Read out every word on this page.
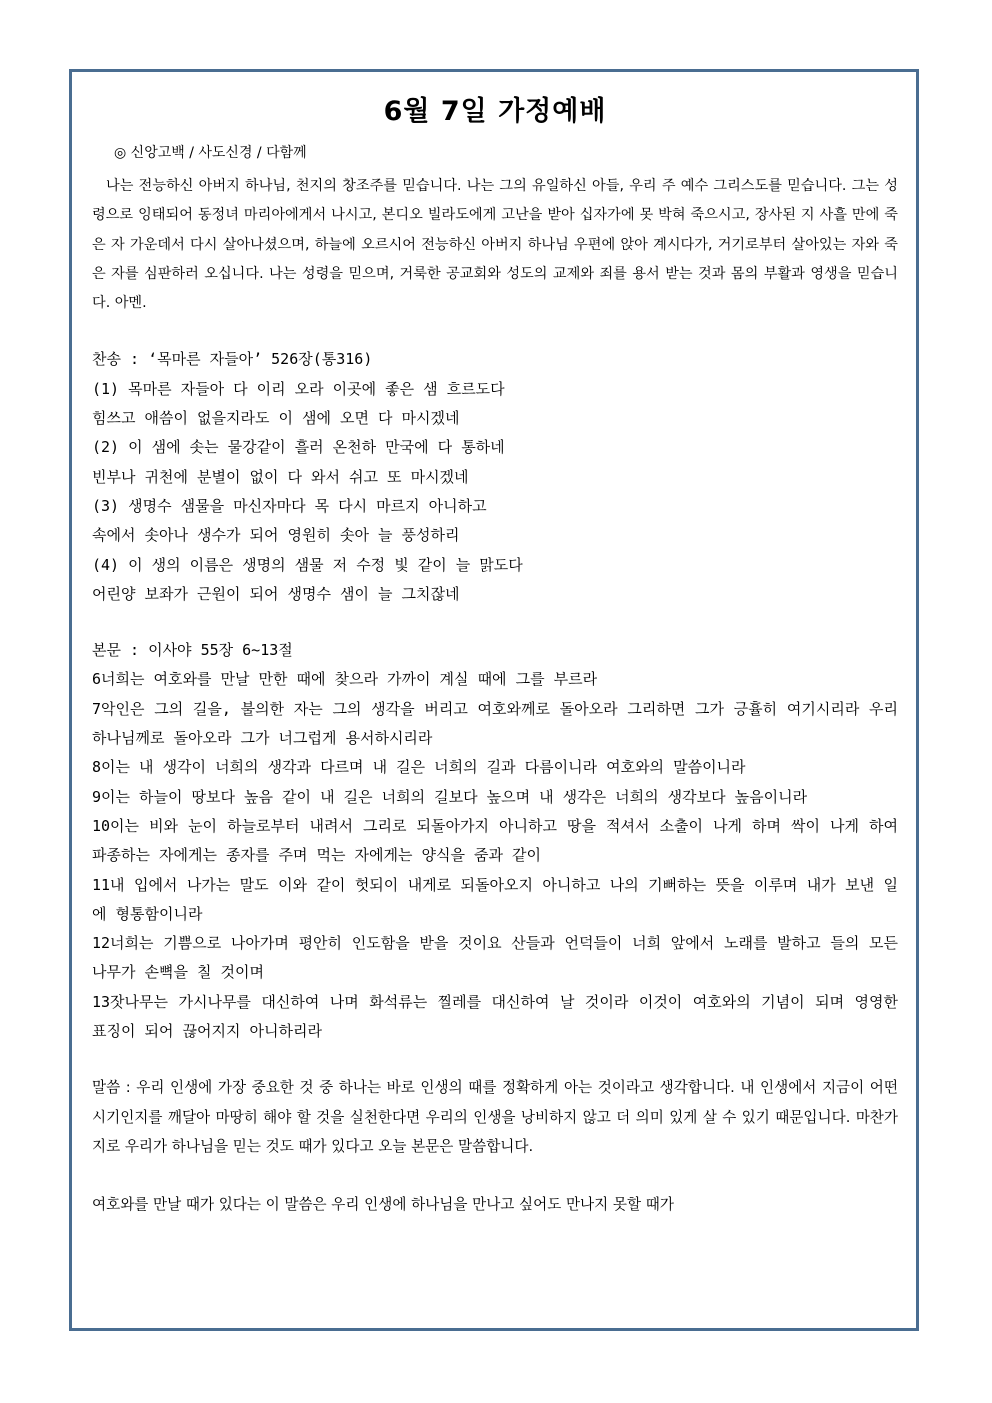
6월 7일 가정예배
◎ 신앙고백 / 사도신경 / 다함께

나는 전능하신 아버지 하나님, 천지의 창조주를 믿습니다. 나는 그의 유일하신 아들, 우리 주 예수 그리스도를 믿습니다. 그는 성령으로 잉태되어 동정녀 마리아에게서 나시고, 본디오 빌라도에게 고난을 받아 십자가에 못 박혀 죽으시고, 장사된 지 사흘 만에 죽은 자 가운데서 다시 살아나셨으며, 하늘에 오르시어 전능하신 아버지 하나님 우편에 앉아 계시다가, 거기로부터 살아있는 자와 죽은 자를 심판하러 오십니다. 나는 성령을 믿으며, 거룩한 공교회와 성도의 교제와 죄를 용서 받는 것과 몸의 부활과 영생을 믿습니다. 아멘.

찬송 : ‘목마른 자들아’ 526장(통316)
(1) 목마른 자들아 다 이리 오라 이곳에 좋은 샘 흐르도다
힘쓰고 애씀이 없을지라도 이 샘에 오면 다 마시겠네
(2) 이 샘에 솟는 물강같이 흘러 온천하 만국에 다 통하네
빈부나 귀천에 분별이 없이 다 와서 쉬고 또 마시겠네
(3) 생명수 샘물을 마신자마다 목 다시 마르지 아니하고
속에서 솟아나 생수가 되어 영원히 솟아 늘 풍성하리
(4) 이 생의 이름은 생명의 샘물 저 수정 빛 같이 늘 맑도다
어린양 보좌가 근원이 되어 생명수 샘이 늘 그치잖네
본문 : 이사야 55장 6~13절

6너희는 여호와를 만날 만한 때에 찾으라 가까이 계실 때에 그를 부르라

7악인은 그의 길을, 불의한 자는 그의 생각을 버리고 여호와께로 돌아오라 그리하면 그가 긍휼히 여기시리라 우리 하나님께로 돌아오라 그가 너그럽게 용서하시리라

8이는 내 생각이 너희의 생각과 다르며 내 길은 너희의 길과 다름이니라 여호와의 말씀이니라

9이는 하늘이 땅보다 높음 같이 내 길은 너희의 길보다 높으며 내 생각은 너희의 생각보다 높음이니라

10이는 비와 눈이 하늘로부터 내려서 그리로 되돌아가지 아니하고 땅을 적셔서 소출이 나게 하며 싹이 나게 하여 파종하는 자에게는 종자를 주며 먹는 자에게는 양식을 줌과 같이

11내 입에서 나가는 말도 이와 같이 헛되이 내게로 되돌아오지 아니하고 나의 기뻐하는 뜻을 이루며 내가 보낸 일에 형통함이니라

12너희는 기쁨으로 나아가며 평안히 인도함을 받을 것이요 산들과 언덕들이 너희 앞에서 노래를 발하고 들의 모든 나무가 손뼉을 칠 것이며

13잣나무는 가시나무를 대신하여 나며 화석류는 찔레를 대신하여 날 것이라 이것이 여호와의 기념이 되며 영영한 표징이 되어 끊어지지 아니하리라

말씀 : 우리 인생에 가장 중요한 것 중 하나는 바로 인생의 때를 정확하게 아는 것이라고 생각합니다. 내 인생에서 지금이 어떤 시기인지를 깨달아 마땅히 해야 할 것을 실천한다면 우리의 인생을 낭비하지 않고 더 의미 있게 살 수 있기 때문입니다. 마찬가지로 우리가 하나님을 믿는 것도 때가 있다고 오늘 본문은 말씀합니다.

여호와를 만날 때가 있다는 이 말씀은 우리 인생에 하나님을 만나고 싶어도 만나지 못할 때가
